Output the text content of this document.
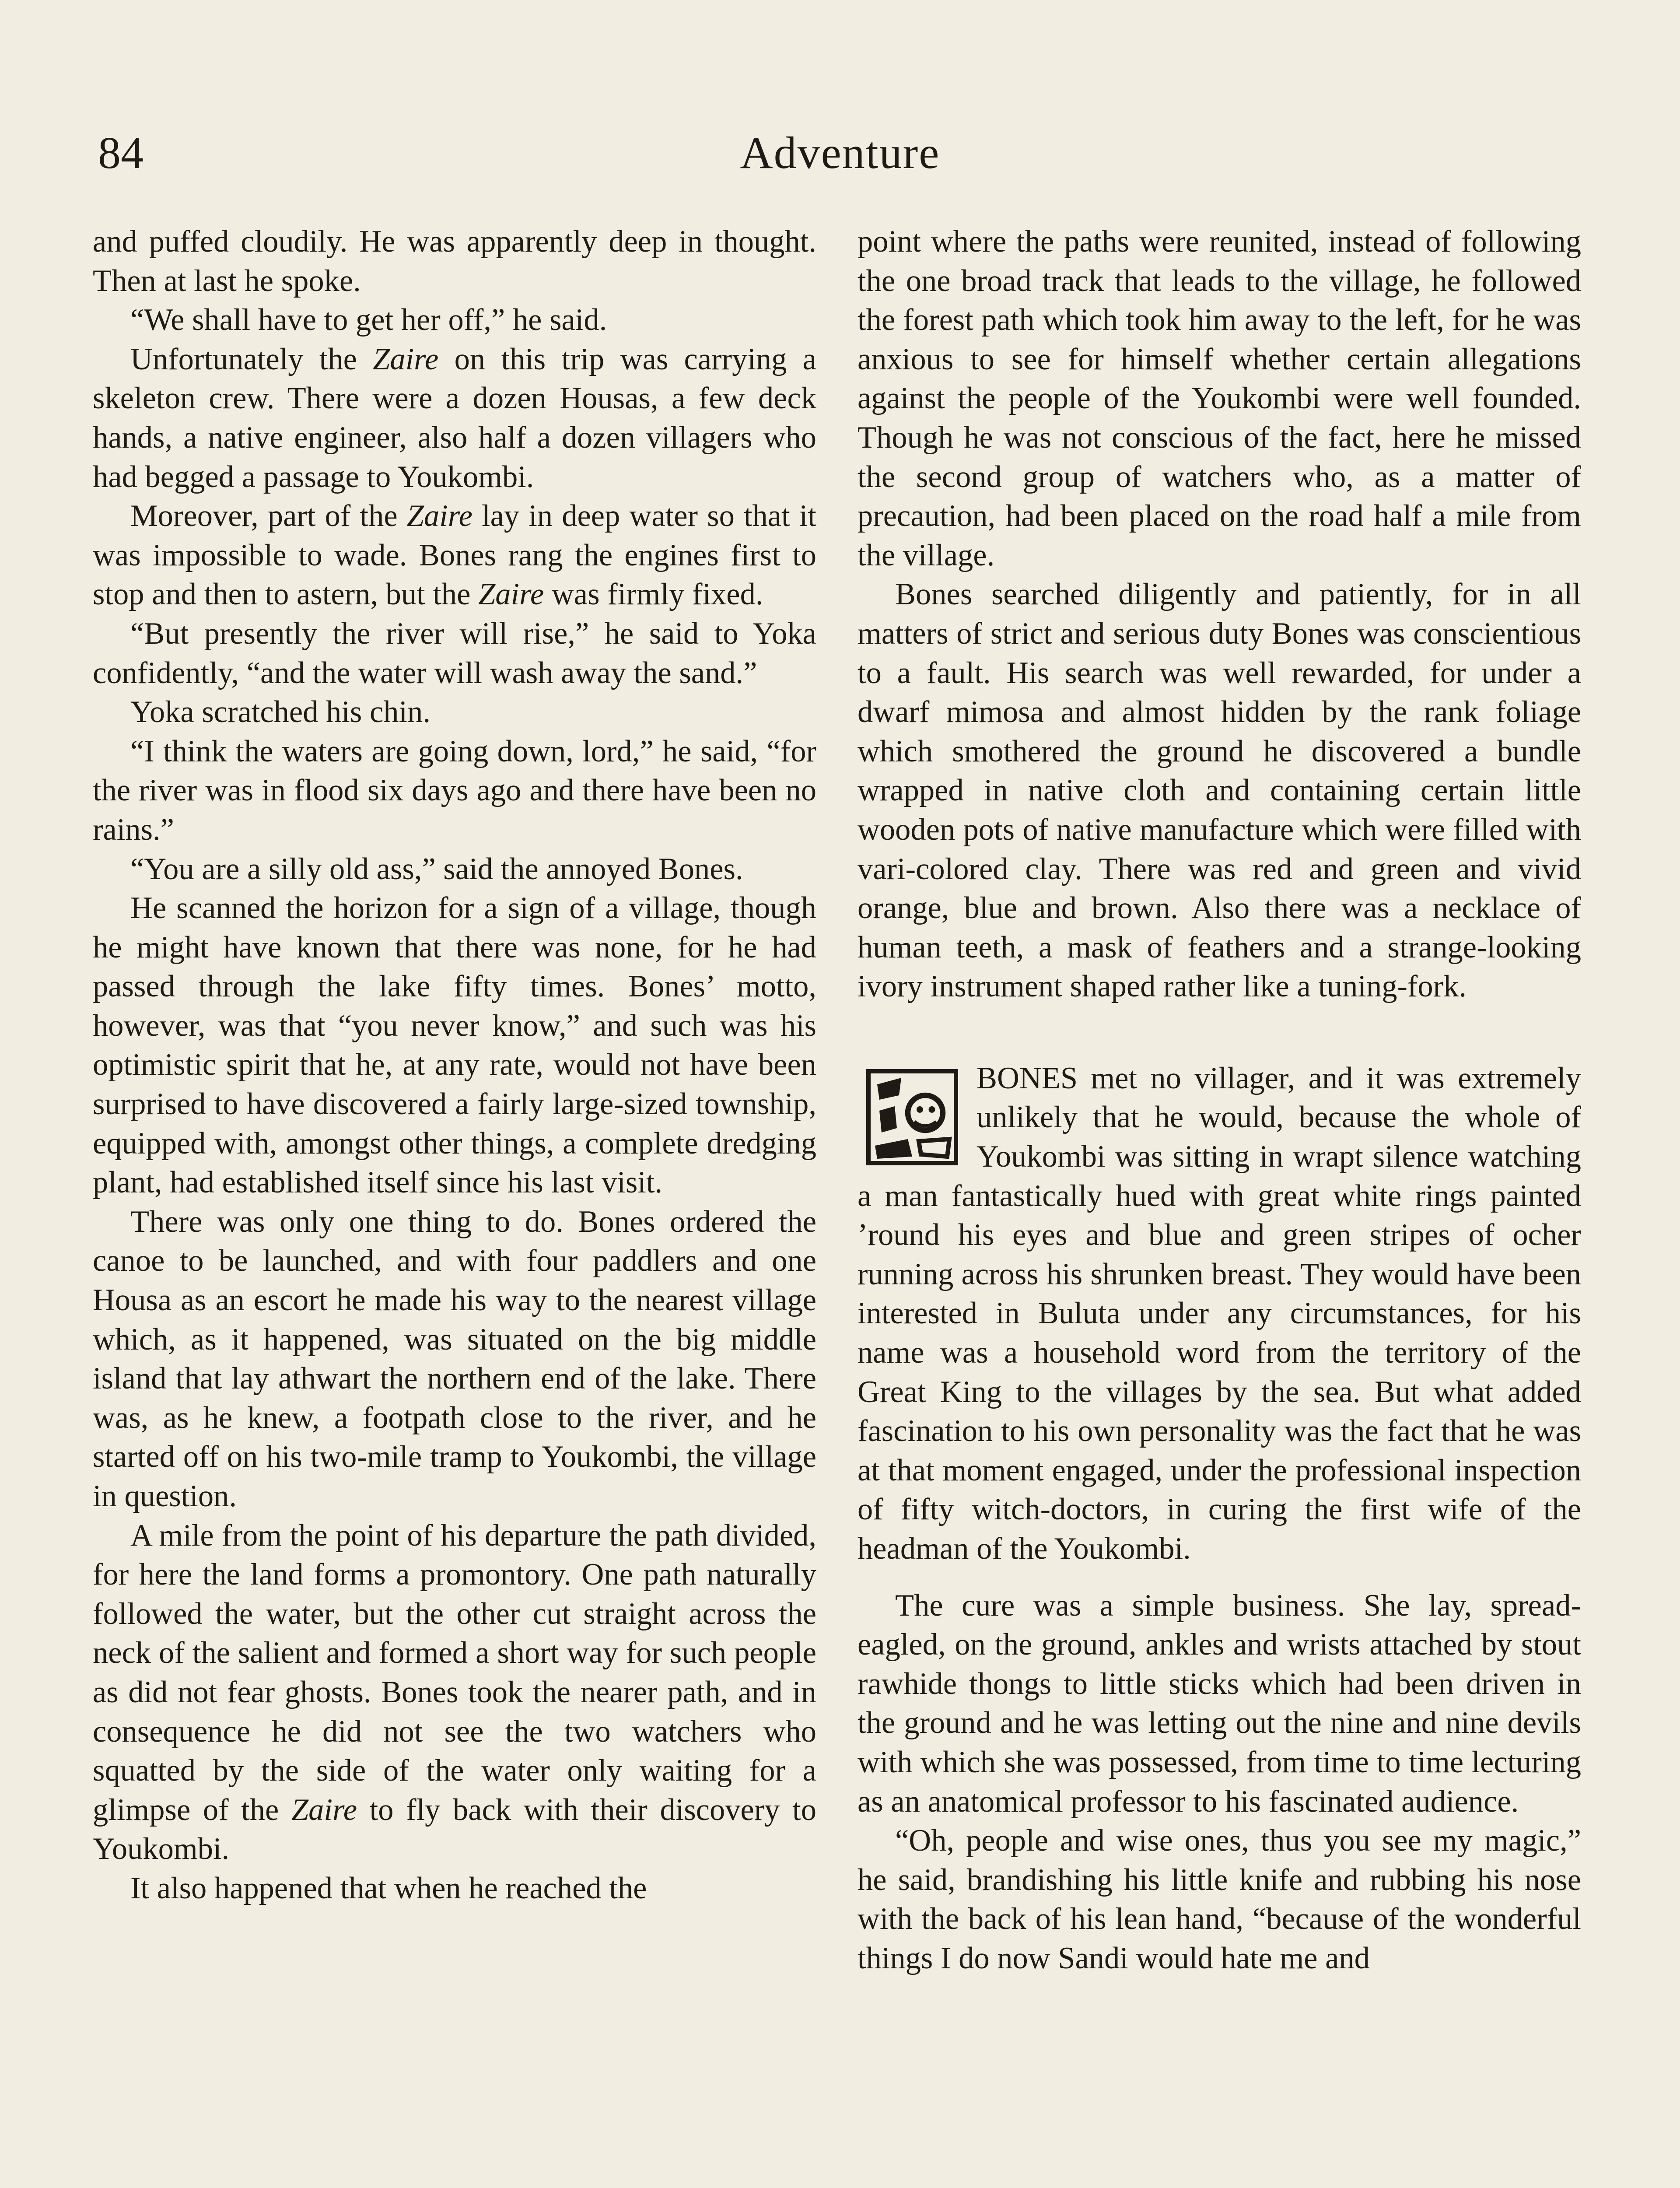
84	Adventure

and puffed cloudily. He was apparently deep in thought. Then at last he spoke.

“We shall have to get her off,” he said.

Unfortunately the Zaire on this trip was carrying a skeleton crew. There were a dozen Housas, a few deck hands, a native engineer, also half a dozen villagers who had begged a passage to Youkombi.

Moreover, part of the Zaire lay in deep water so that it was impossible to wade. Bones rang the engines first to stop and then to astern, but the Zaire was firmly fixed.

“But presently the river will rise,” he said to Yoka confidently, “and the water will wash away the sand.”

Yoka scratched his chin.

“I think the waters are going down, lord,” he said, “for the river was in flood six days ago and there have been no rains.”

“You are a silly old ass,” said the annoyed Bones.

He scanned the horizon for a sign of a village, though he might have known that there was none, for he had passed through the lake fifty times. Bones’ motto, however, was that “you never know,” and such was his optimistic spirit that he, at any rate, would not have been surprised to have discovered a fairly large-sized township, equipped with, amongst other things, a complete dredging plant, had established itself since his last visit.

There was only one thing to do. Bones ordered the canoe to be launched, and with four paddlers and one Housa as an escort he made his way to the nearest village which, as it happened, was situated on the big middle island that lay athwart the northern end of the lake. There was, as he knew, a footpath close to the river, and he started off on his two-mile tramp to Youkombi, the village in question.

A mile from the point of his departure the path divided, for here the land forms a promontory. One path naturally followed the water, but the other cut straight across the neck of the salient and formed a short way for such people as did not fear ghosts. Bones took the nearer path, and in consequence he did not see the two watchers who squatted by the side of the water only waiting for a glimpse of the Zaire to fly back with their discovery to Youkombi.

It also happened that when he reached the

point where the paths were reunited, instead of following the one broad track that leads to the village, he followed the forest path which took him away to the left, for he was anxious to see for himself whether certain allegations against the people of the Youkombi were well founded. Though he was not conscious of the fact, here he missed the second group of watchers who, as a matter of precaution, had been placed on the road half a mile from the village.

Bones searched diligently and patiently, for in all matters of strict and serious duty Bones was conscientious to a fault. His search was well rewarded, for under a dwarf mimosa and almost hidden by the rank foliage which smothered the ground he discovered a bundle wrapped in native cloth and containing certain little wooden pots of native manufacture which were filled with vari-colored clay. There was red and green and vivid orange, blue and brown. Also there was a necklace of human teeth, a mask of feathers and a strange-looking ivory instrument shaped rather like a tuning-fork.

BONES met no villager, and it was extremely unlikely that he would, because the whole of Youkombi was sitting in wrapt silence watching a man fantastically hued with great white rings painted ’round his eyes and blue and green stripes of ocher running across his shrunken breast. They would have been interested in Buluta under any circumstances, for his name was a household word from the territory of the Great King to the villages by the sea. But what added fascination to his own personality was the fact that he was at that moment engaged, under the professional inspection of fifty witch-doctors, in curing the first wife of the headman of the Youkombi.

The cure was a simple business. She lay, spread-eagled, on the ground, ankles and wrists attached by stout rawhide thongs to little sticks which had been driven in the ground and he was letting out the nine and nine devils with which she was possessed, from time to time lecturing as an anatomical professor to his fascinated audience.

“Oh, people and wise ones, thus you see my magic,” he said, brandishing his little knife and rubbing his nose with the back of his lean hand, “because of the wonderful things I do now Sandi would hate me and
